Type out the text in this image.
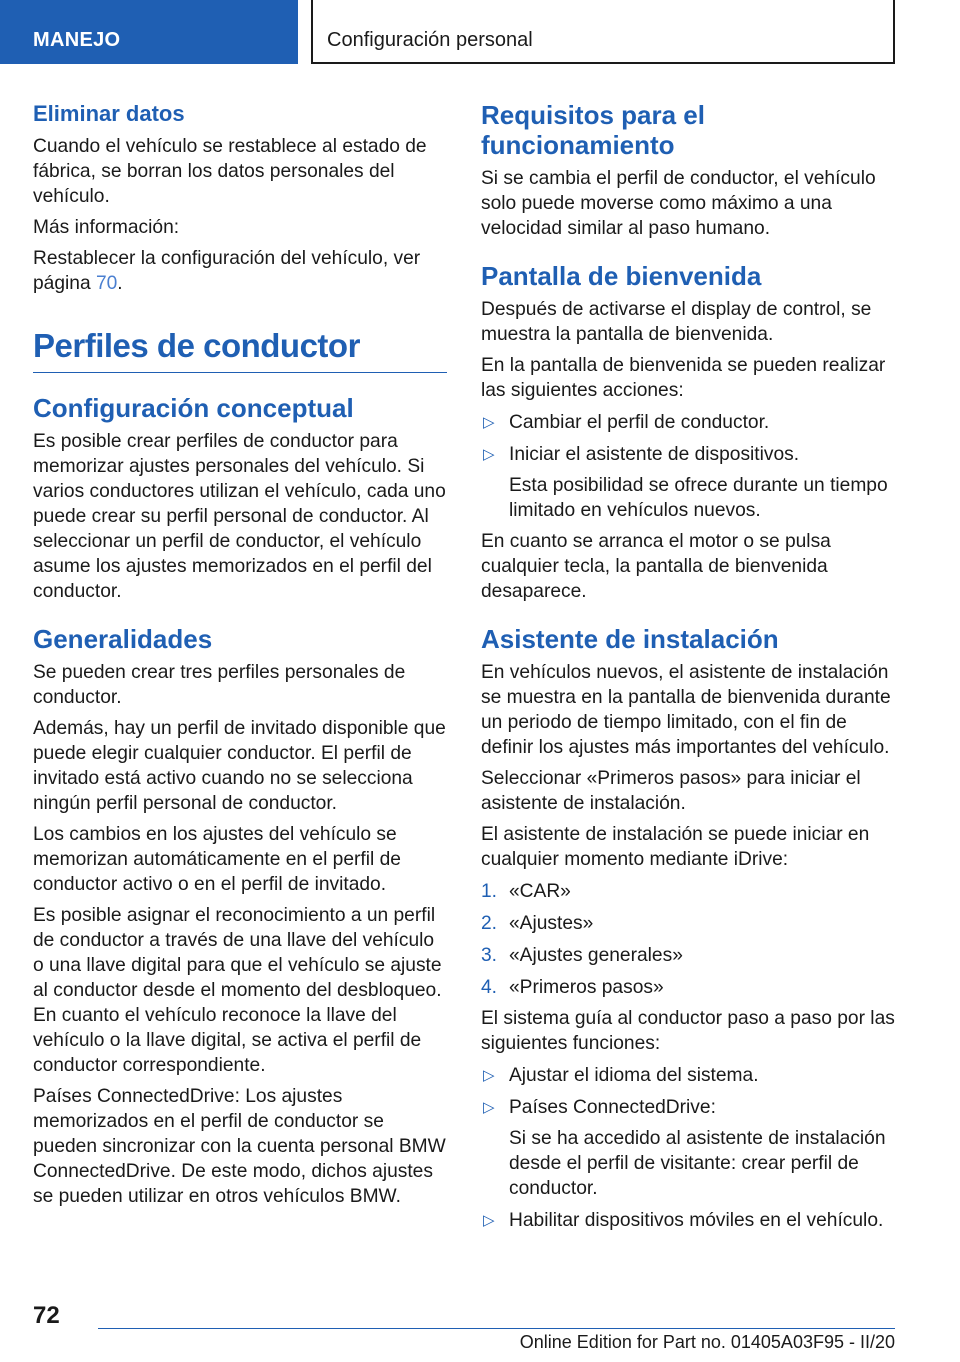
MANEJO	Configuración personal
Eliminar datos

Cuando el vehículo se restablece al estado de fábrica, se borran los datos personales del vehículo.

Más información:

Restablecer la configuración del vehículo, ver página 70.

Perfiles de conductor
Configuración conceptual

Es posible crear perfiles de conductor para memorizar ajustes personales del vehículo. Si varios conductores utilizan el vehículo, cada uno puede crear su perfil personal de conductor. Al seleccionar un perfil de conductor, el vehículo asume los ajustes memorizados en el perfil del conductor.

Generalidades

Se pueden crear tres perfiles personales de conductor.

Además, hay un perfil de invitado disponible que puede elegir cualquier conductor. El perfil de invitado está activo cuando no se selecciona ningún perfil personal de conductor.

Los cambios en los ajustes del vehículo se memorizan automáticamente en el perfil de conductor activo o en el perfil de invitado.

Es posible asignar el reconocimiento a un perfil de conductor a través de una llave del vehículo o una llave digital para que el vehículo se ajuste al conductor desde el momento del desbloqueo. En cuanto el vehículo reconoce la llave del vehículo o la llave digital, se activa el perfil de conductor correspondiente.

Países ConnectedDrive: Los ajustes memorizados en el perfil de conductor se pueden sincronizar con la cuenta personal BMW ConnectedDrive. De este modo, dichos ajustes se pueden utilizar en otros vehículos BMW.

Requisitos para el funcionamiento

Si se cambia el perfil de conductor, el vehículo solo puede moverse como máximo a una velocidad similar al paso humano.

Pantalla de bienvenida

Después de activarse el display de control, se muestra la pantalla de bienvenida.

En la pantalla de bienvenida se pueden realizar las siguientes acciones:

▷ Cambiar el perfil de conductor.
▷ Iniciar el asistente de dispositivos.

Esta posibilidad se ofrece durante un tiempo limitado en vehículos nuevos.

En cuanto se arranca el motor o se pulsa cualquier tecla, la pantalla de bienvenida desaparece.

Asistente de instalación

En vehículos nuevos, el asistente de instalación se muestra en la pantalla de bienvenida durante un periodo de tiempo limitado, con el fin de definir los ajustes más importantes del vehículo.

Seleccionar «Primeros pasos» para iniciar el asistente de instalación.

El asistente de instalación se puede iniciar en cualquier momento mediante iDrive:

1. «CAR»
2. «Ajustes»
3. «Ajustes generales»
4. «Primeros pasos»

El sistema guía al conductor paso a paso por las siguientes funciones:

▷ Ajustar el idioma del sistema.
▷ Países ConnectedDrive:

Si se ha accedido al asistente de instalación desde el perfil de visitante: crear perfil de conductor.

▷ Habilitar dispositivos móviles en el vehículo.
72
Online Edition for Part no. 01405A03F95 - II/20
